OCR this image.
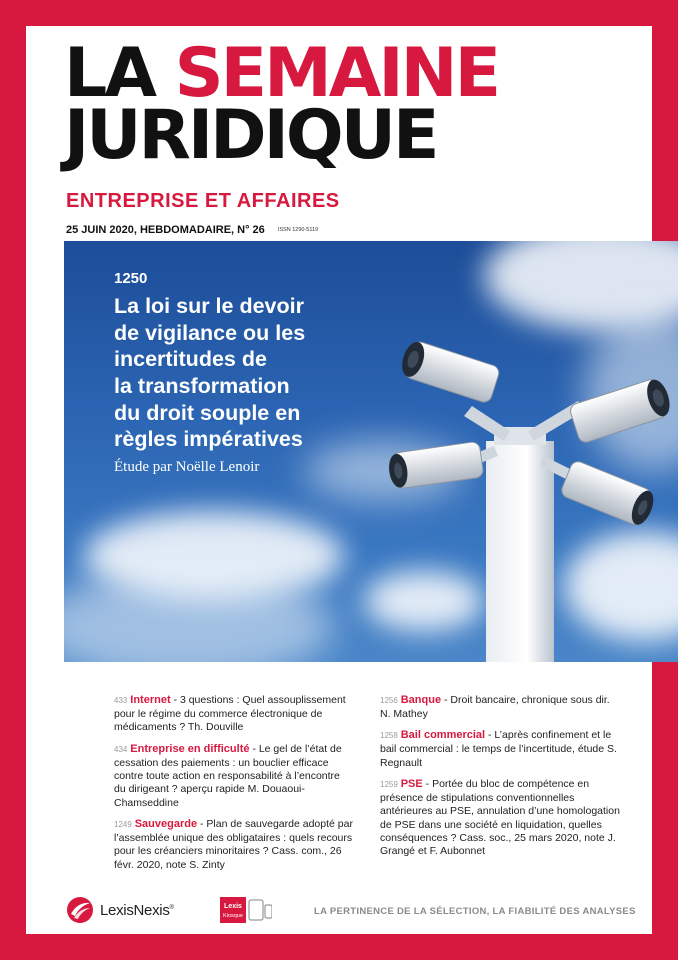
LA SEMAINE
JURIDIQUE
ENTREPRISE ET AFFAIRES
25 JUIN 2020, HEBDOMADAIRE, N° 26 ISSN 1290-5119
1250
La loi sur le devoir
de vigilance ou les
incertitudes de
la transformation
du droit souple en
règles impératives
Étude par Noëlle Lenoir
433 Internet - 3 questions : Quel assouplissement pour le régime du commerce électronique de médicaments ? Th. Douville
434 Entreprise en difficulté - Le gel de l’état de cessation des paiements : un bouclier efficace contre toute action en responsabilité à l’encontre du dirigeant ? aperçu rapide M. Douaoui-Chamseddine
1249 Sauvegarde - Plan de sauvegarde adopté par l’assemblée unique des obligataires : quels recours pour les créanciers minoritaires ? Cass. com., 26 févr. 2020, note S. Zinty
1256 Banque - Droit bancaire, chronique sous dir. N. Mathey
1258 Bail commercial - L’après confinement et le bail commercial : le temps de l’incertitude, étude S. Regnault
1259 PSE - Portée du bloc de compétence en présence de stipulations conventionnelles antérieures au PSE, annulation d’une homologation de PSE dans une société en liquidation, quelles conséquences ? Cass. soc., 25 mars 2020, note J. Grangé et F. Aubonnet
LexisNexis®	Lexis
Kiosque	LA PERTINENCE DE LA SÉLECTION, LA FIABILITÉ DES ANALYSES
